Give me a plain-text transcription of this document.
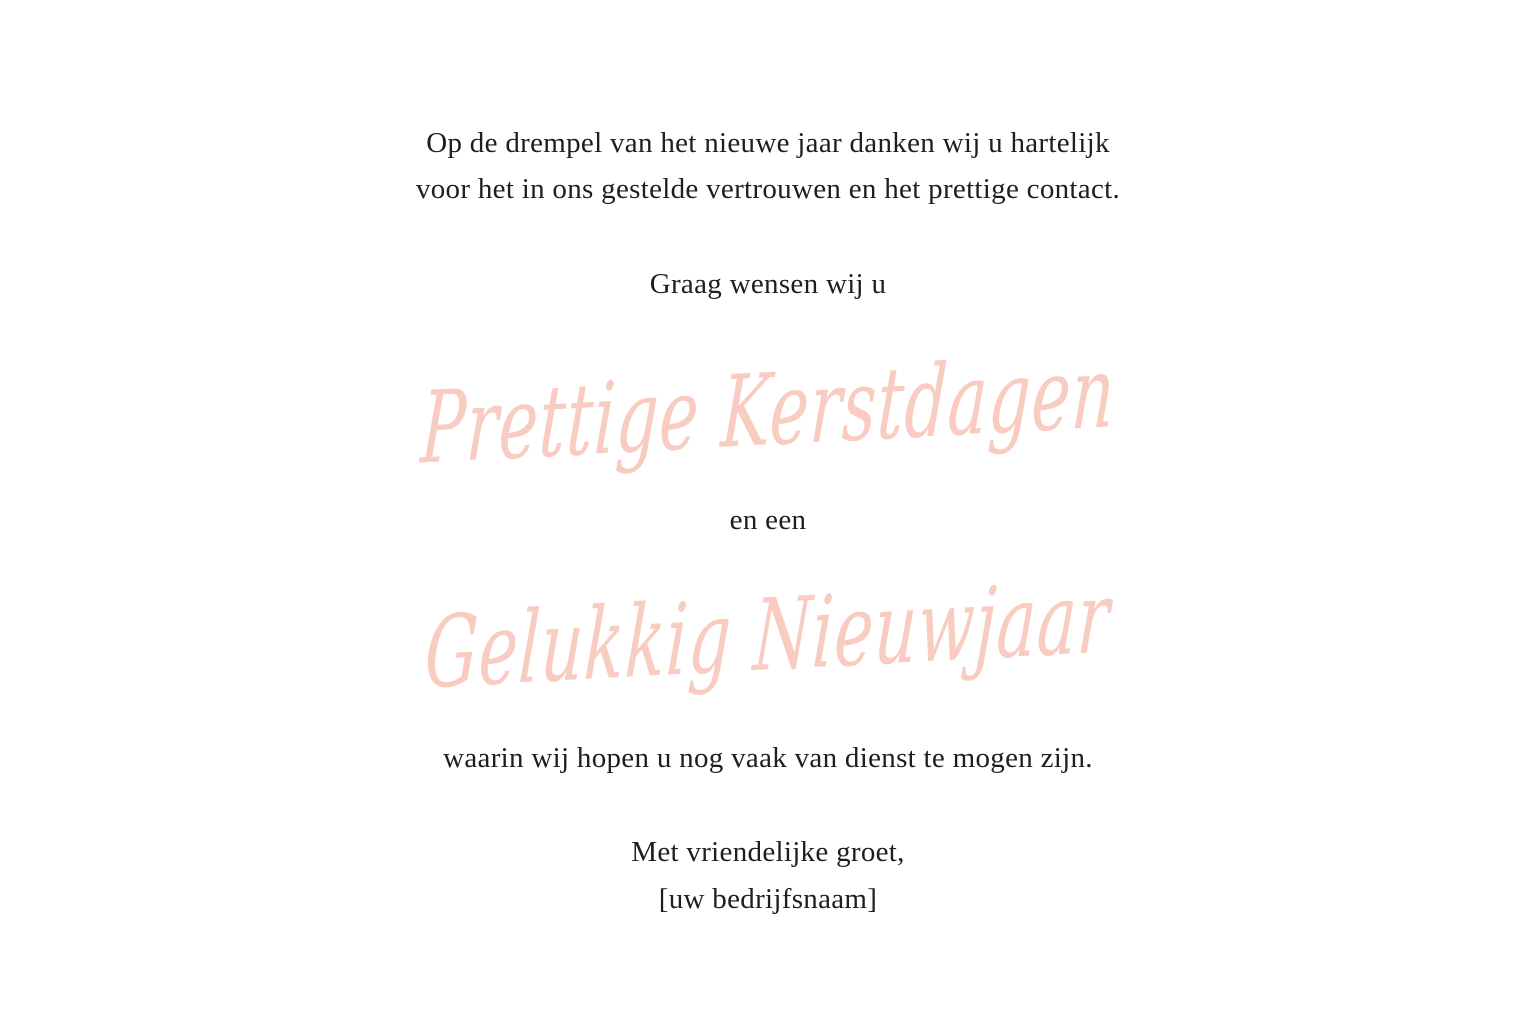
Op de drempel van het nieuwe jaar danken wij u hartelijk

voor het in ons gestelde vertrouwen en het prettige contact.

Graag wensen wij u

Prettige Kerstdagen

en een

Gelukkig Nieuwjaar

waarin wij hopen u nog vaak van dienst te mogen zijn.

Met vriendelijke groet,

[uw bedrijfsnaam]
